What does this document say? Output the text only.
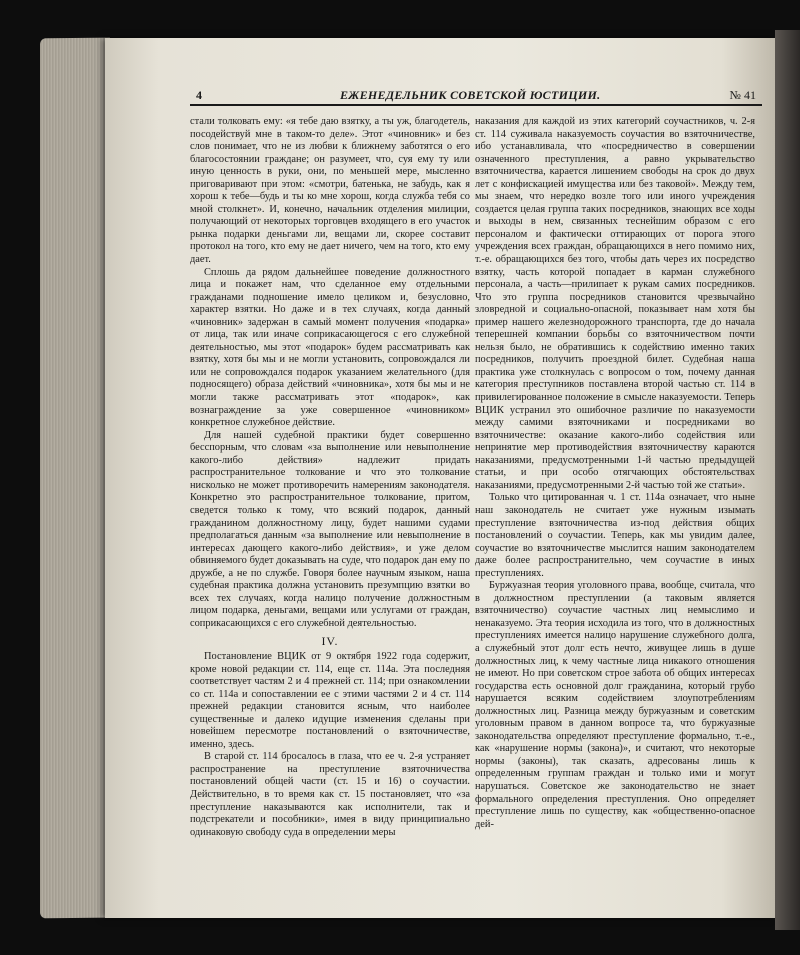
4	ЕЖЕНЕДЕЛЬНИК СОВЕТСКОЙ ЮСТИЦИИ.	№ 41

стали толковать ему: «я тебе даю взятку, а ты уж, благодетель, посодействуй мне в таком-то деле». Этот «чиновник» и без слов понимает, что не из любви к ближнему заботятся о его благосостоянии граждане; он разумеет, что, суя ему ту или иную ценность в руки, они, по меньшей мере, мысленно приговаривают при этом: «смотри, батенька, не забудь, как я хорош к тебе—будь и ты ко мне хорош, когда служба тебя со мной столкнет». И, конечно, начальник отделения милиции, получающий от некоторых торговцев входящего в его участок рынка подарки деньгами ли, вещами ли, скорее составит протокол на того, кто ему не дает ничего, чем на того, кто ему дает.

Сплошь да рядом дальнейшее поведение должностного лица и покажет нам, что сделанное ему отдельными гражданами подношение имело целиком и, безусловно, характер взятки. Но даже и в тех случаях, когда данный «чиновник» задержан в самый момент получения «подарка» от лица, так или иначе соприкасающегося с его служебной деятельностью, мы этот «подарок» будем рассматривать как взятку, хотя бы мы и не могли установить, сопровождался ли или не сопровождался подарок указанием желательного (для подносящего) образа действий «чиновника», хотя бы мы и не могли также рассматривать этот «подарок», как вознаграждение за уже совершенное «чиновником» конкретное служебное действие.

Для нашей судебной практики будет совершенно бесспорным, что словам «за выполнение или невыполнение какого-либо действия» надлежит придать распространительное толкование и что это толкование нисколько не может противоречить намерениям законодателя. Конкретно это распространительное толкование, притом, сведется только к тому, что всякий подарок, данный гражданином должностному лицу, будет нашими судами предполагаться данным «за выполнение или невыполнение в интересах дающего какого-либо действия», и уже делом обвиняемого будет доказывать на суде, что подарок дан ему по дружбе, а не по службе. Говоря более научным языком, наша судебная практика должна установить презумпцию взятки во всех тех случаях, когда налицо получение должностным лицом подарка, деньгами, вещами или услугами от граждан, соприкасающихся с его служебной деятельностью.

IV.

Постановление ВЦИК от 9 октября 1922 года содержит, кроме новой редакции ст. 114, еще ст. 114а. Эта последняя соответствует частям 2 и 4 прежней ст. 114; при ознакомлении со ст. 114а и сопоставлении ее с этими частями 2 и 4 ст. 114 прежней редакции становится ясным, что наиболее существенные и далеко идущие изменения сделаны при новейшем пересмотре постановлений о взяточничестве, именно, здесь.

В старой ст. 114 бросалось в глаза, что ее ч. 2-я устраняет распространение на преступление взяточничества постановлений общей части (ст. 15 и 16) о соучастии. Действительно, в то время как ст. 15 постановляет, что «за преступление наказываются как исполнители, так и подстрекатели и пособники», имея в виду принципиально одинаковую свободу суда в определении меры

наказания для каждой из этих категорий соучастников, ч. 2-я ст. 114 суживала наказуемость соучастия во взяточничестве, ибо устанавливала, что «посредничество в совершении означенного преступления, а равно укрывательство взяточничества, карается лишением свободы на срок до двух лет с конфискацией имущества или без таковой». Между тем, мы знаем, что нередко возле того или иного учреждения создается целая группа таких посредников, знающих все ходы и выходы в нем, связанных теснейшим образом с его персоналом и фактически оттирающих от порога этого учреждения всех граждан, обращающихся в него помимо них, т.-е. обращающихся без того, чтобы дать через их посредство взятку, часть которой попадает в карман служебного персонала, а часть—прилипает к рукам самих посредников. Что это группа посредников становится чрезвычайно зловредной и социально-опасной, показывает нам хотя бы пример нашего железнодорожного транспорта, где до начала теперешней компании борьбы со взяточничеством почти нельзя было, не обратившись к содействию именно таких посредников, получить проездной билет. Судебная наша практика уже столкнулась с вопросом о том, почему данная категория преступников поставлена второй частью ст. 114 в привилегированное положение в смысле наказуемости. Теперь ВЦИК устранил это ошибочное различие по наказуемости между самими взяточниками и посредниками во взяточничестве: оказание какого-либо содействия или непринятие мер противодействия взяточничеству караются наказаниями, предусмотренными 1-й частью предыдущей статьи, и при особо отягчающих обстоятельствах наказаниями, предусмотренными 2-й частью той же статьи».

Только что цитированная ч. 1 ст. 114а означает, что ныне наш законодатель не считает уже нужным изымать преступление взяточничества из-под действия общих постановлений о соучастии. Теперь, как мы увидим далее, соучастие во взяточничестве мыслится нашим законодателем даже более распространительно, чем соучастие в иных преступлениях.

Буржуазная теория уголовного права, вообще, считала, что в должностном преступлении (а таковым является взяточничество) соучастие частных лиц немыслимо и ненаказуемо. Эта теория исходила из того, что в должностных преступлениях имеется налицо нарушение служебного долга, а служебный этот долг есть нечто, живущее лишь в душе должностных лиц, к чему частные лица никакого отношения не имеют. Но при советском строе забота об общих интересах государства есть основной долг гражданина, который грубо нарушается всяким содействием злоупотреблениям должностных лиц. Разница между буржуазным и советским уголовным правом в данном вопросе та, что буржуазные законодательства определяют преступление формально, т.-е., как «нарушение нормы (закона)», и считают, что некоторые нормы (законы), так сказать, адресованы лишь к определенным группам граждан и только ими и могут нарушаться. Советское же законодательство не знает формального определения преступления. Оно определяет преступление лишь по существу, как «общественно-опасное дей-
